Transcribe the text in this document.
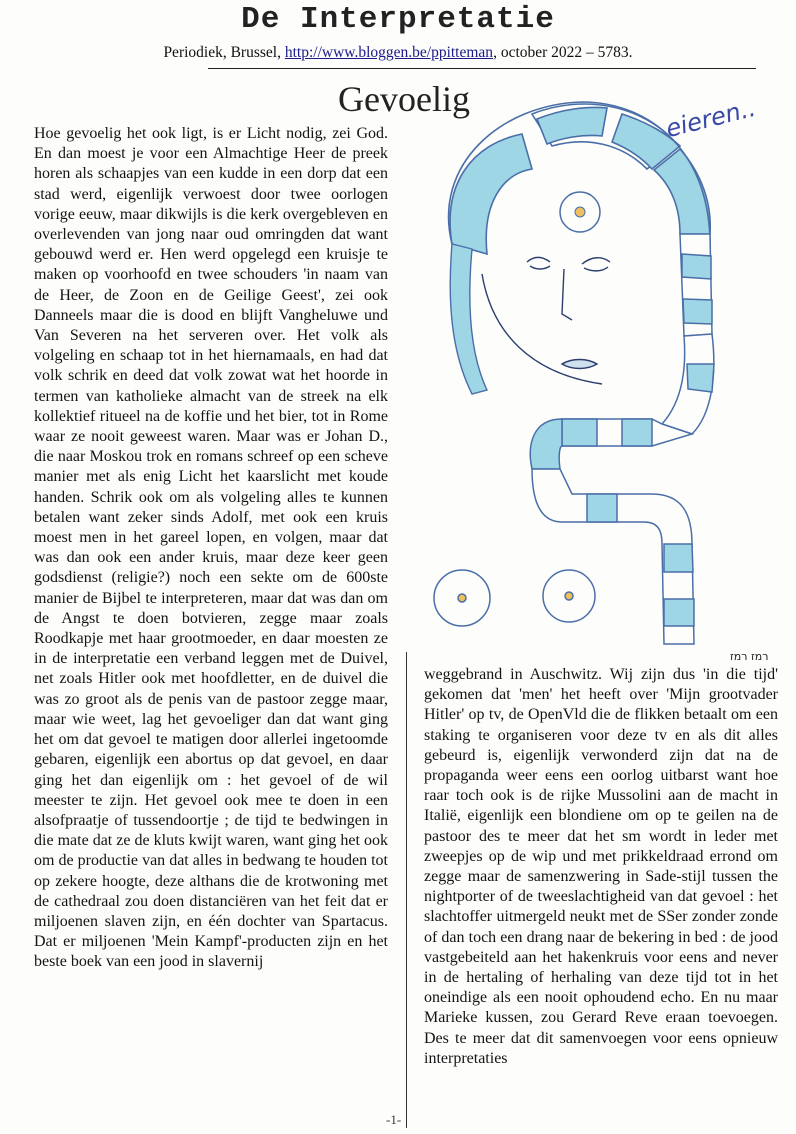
De Interpretatie
Periodiek, Brussel, http://www.bloggen.be/ppitteman, october 2022 – 5783.
Gevoelig
Hoe gevoelig het ook ligt, is er Licht nodig, zei God. En dan moest je voor een Almachtige Heer de preek horen als schaapjes van een kudde in een dorp dat een stad werd, eigenlijk verwoest door twee oorlogen vorige eeuw, maar dikwijls is die kerk overgebleven en overlevenden van jong naar oud omringden dat want gebouwd werd er. Hen werd opgelegd een kruisje te maken op voorhoofd en twee schouders 'in naam van de Heer, de Zoon en de Geilige Geest', zei ook Danneels maar die is dood en blijft Vangheluwe und Van Severen na het serveren over. Het volk als volgeling en schaap tot in het hiernamaals, en had dat volk schrik en deed dat volk zowat wat het hoorde in termen van katholieke almacht van de streek na elk kollektief ritueel na de koffie und het bier, tot in Rome waar ze nooit geweest waren. Maar was er Johan D., die naar Moskou trok en romans schreef op een scheve manier met als enig Licht het kaarslicht met koude handen. Schrik ook om als volgeling alles te kunnen betalen want zeker sinds Adolf, met ook een kruis moest men in het gareel lopen, en volgen, maar dat was dan ook een ander kruis, maar deze keer geen godsdienst (religie?) noch een sekte om de 600ste manier de Bijbel te interpreteren, maar dat was dan om de Angst te doen botvieren, zegge maar zoals Roodkapje met haar grootmoeder, en daar moesten ze in de interpretatie een verband leggen met de Duivel, net zoals Hitler ook met hoofdletter, en de duivel die was zo groot als de penis van de pastoor zegge maar, maar wie weet, lag het gevoeliger dan dat want ging het om dat gevoel te matigen door allerlei ingetoomde gebaren, eigenlijk een abortus op dat gevoel, en daar ging het dan eigenlijk om : het gevoel of de wil meester te zijn. Het gevoel ook mee te doen in een alsofpraatje of tussendoortje ; de tijd te bedwingen in die mate dat ze de kluts kwijt waren, want ging het ook om de productie van dat alles in bedwang te houden tot op zekere hoogte, deze althans die de krotwoning met de cathedraal zou doen distanciëren van het feit dat er miljoenen slaven zijn, en één dochter van Spartacus. Dat er miljoenen 'Mein Kampf'-producten zijn en het beste boek van een jood in slavernij
weggebrand in Auschwitz. Wij zijn dus 'in die tijd' gekomen dat 'men' het heeft over 'Mijn grootvader Hitler' op tv, de OpenVld die de flikken betaalt om een staking te organiseren voor deze tv en als dit alles gebeurd is, eigenlijk verwonderd zijn dat na de propaganda weer eens een oorlog uitbarst want hoe raar toch ook is de rijke Mussolini aan de macht in Italië, eigenlijk een blondiene om op te geilen na de pastoor des te meer dat het sm wordt in leder met zweepjes op de wip und met prikkeldraad errond om zegge maar de samenzwering in Sade-stijl tussen the nightporter of de tweeslachtigheid van dat gevoel : het slachtoffer uitmergeld neukt met de SSer zonder zonde of dan toch een drang naar de bekering in bed : de jood vastgebeiteld aan het hakenkruis voor eens and never in de hertaling of herhaling van deze tijd tot in het oneindige als een nooit ophoudend echo. En nu maar Marieke kussen, zou Gerard Reve eraan toevoegen. Des te meer dat dit samenvoegen voor eens opnieuw interpretaties
eieren..
רמז רמז
-1-
